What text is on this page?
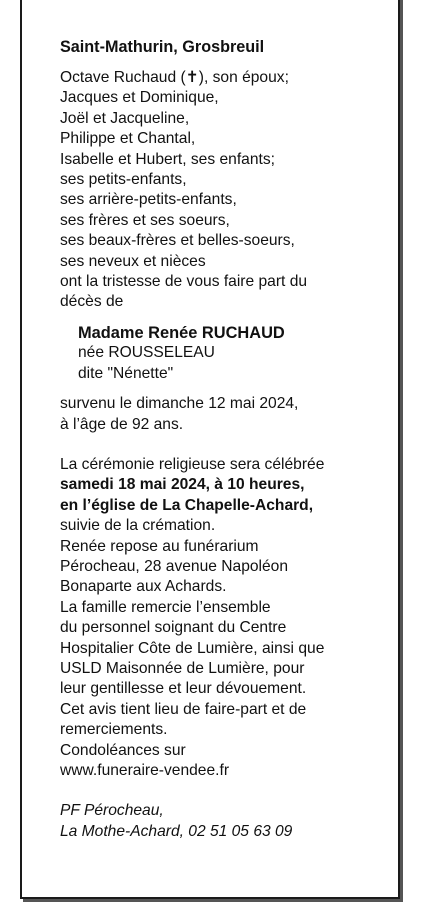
Saint-Mathurin, Grosbreuil
Octave Ruchaud (✝), son époux;
Jacques et Dominique,
Joël et Jacqueline,
Philippe et Chantal,
Isabelle et Hubert, ses enfants;
ses petits-enfants,
ses arrière-petits-enfants,
ses frères et ses soeurs,
ses beaux-frères et belles-soeurs,
ses neveux et nièces
ont la tristesse de vous faire part du
décès de
Madame Renée RUCHAUD
née ROUSSELEAU
dite "Nénette"
survenu le dimanche 12 mai 2024,
à l’âge de 92 ans.
La cérémonie religieuse sera célébrée
samedi 18 mai 2024, à 10 heures,
en l’église de La Chapelle-Achard,
suivie de la crémation.
Renée repose au funérarium
Pérocheau, 28 avenue Napoléon
Bonaparte aux Achards.
La famille remercie l’ensemble
du personnel soignant du Centre
Hospitalier Côte de Lumière, ainsi que
USLD Maisonnée de Lumière, pour
leur gentillesse et leur dévouement.
Cet avis tient lieu de faire-part et de
remerciements.
Condoléances sur
www.funeraire-vendee.fr
PF Pérocheau,
La Mothe-Achard, 02 51 05 63 09
